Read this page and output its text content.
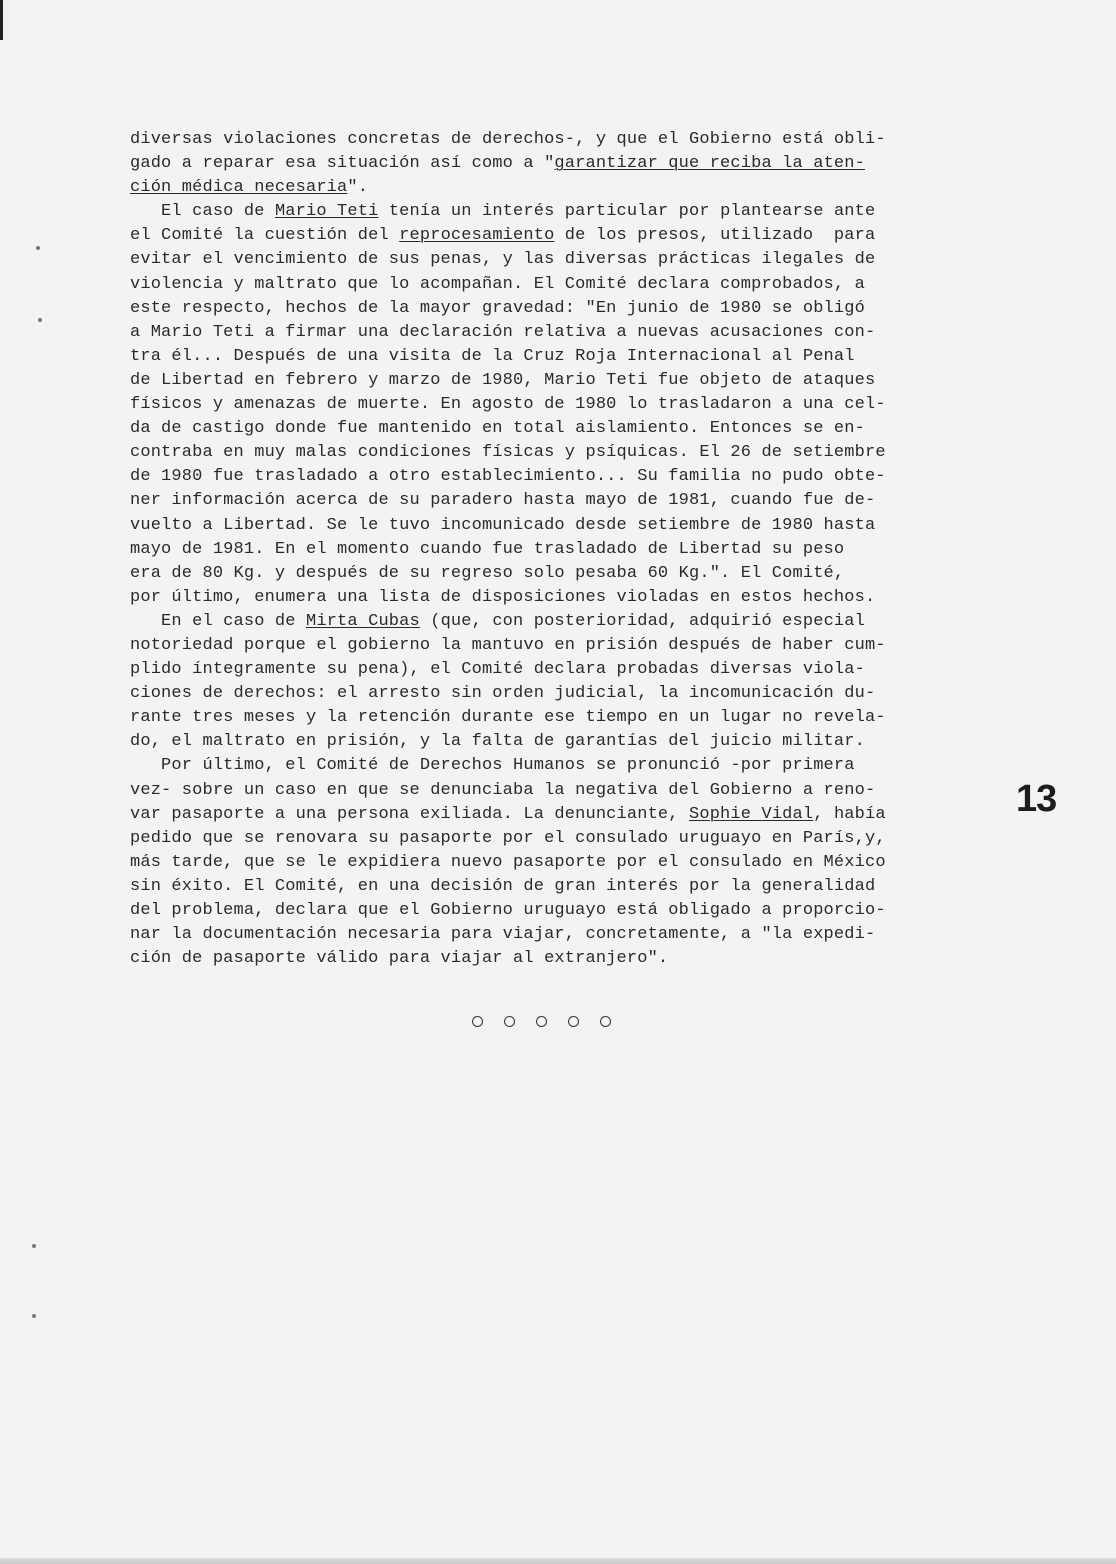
diversas violaciones concretas de derechos-, y que el Gobierno está obli-
gado a reparar esa situación así como a "garantizar que reciba la aten-
ción médica necesaria".
El caso de Mario Teti tenía un interés particular por plantearse ante
el Comité la cuestión del reprocesamiento de los presos, utilizado  para
evitar el vencimiento de sus penas, y las diversas prácticas ilegales de
violencia y maltrato que lo acompañan. El Comité declara comprobados, a
este respecto, hechos de la mayor gravedad: "En junio de 1980 se obligó
a Mario Teti a firmar una declaración relativa a nuevas acusaciones con-
tra él... Después de una visita de la Cruz Roja Internacional al Penal
de Libertad en febrero y marzo de 1980, Mario Teti fue objeto de ataques
físicos y amenazas de muerte. En agosto de 1980 lo trasladaron a una cel-
da de castigo donde fue mantenido en total aislamiento. Entonces se en-
contraba en muy malas condiciones físicas y psíquicas. El 26 de setiembre
de 1980 fue trasladado a otro establecimiento... Su familia no pudo obte-
ner información acerca de su paradero hasta mayo de 1981, cuando fue de-
vuelto a Libertad. Se le tuvo incomunicado desde setiembre de 1980 hasta
mayo de 1981. En el momento cuando fue trasladado de Libertad su peso
era de 80 Kg. y después de su regreso solo pesaba 60 Kg.". El Comité,
por último, enumera una lista de disposiciones violadas en estos hechos.
En el caso de Mirta Cubas (que, con posterioridad, adquirió especial
notoriedad porque el gobierno la mantuvo en prisión después de haber cum-
plido íntegramente su pena), el Comité declara probadas diversas viola-
ciones de derechos: el arresto sin orden judicial, la incomunicación du-
rante tres meses y la retención durante ese tiempo en un lugar no revela-
do, el maltrato en prisión, y la falta de garantías del juicio militar.
Por último, el Comité de Derechos Humanos se pronunció -por primera
vez- sobre un caso en que se denunciaba la negativa del Gobierno a reno-
var pasaporte a una persona exiliada. La denunciante, Sophie Vidal, había
pedido que se renovara su pasaporte por el consulado uruguayo en París,y,
más tarde, que se le expidiera nuevo pasaporte por el consulado en México
sin éxito. El Comité, en una decisión de gran interés por la generalidad
del problema, declara que el Gobierno uruguayo está obligado a proporcio-
nar la documentación necesaria para viajar, concretamente, a "la expedi-
ción de pasaporte válido para viajar al extranjero".
13
